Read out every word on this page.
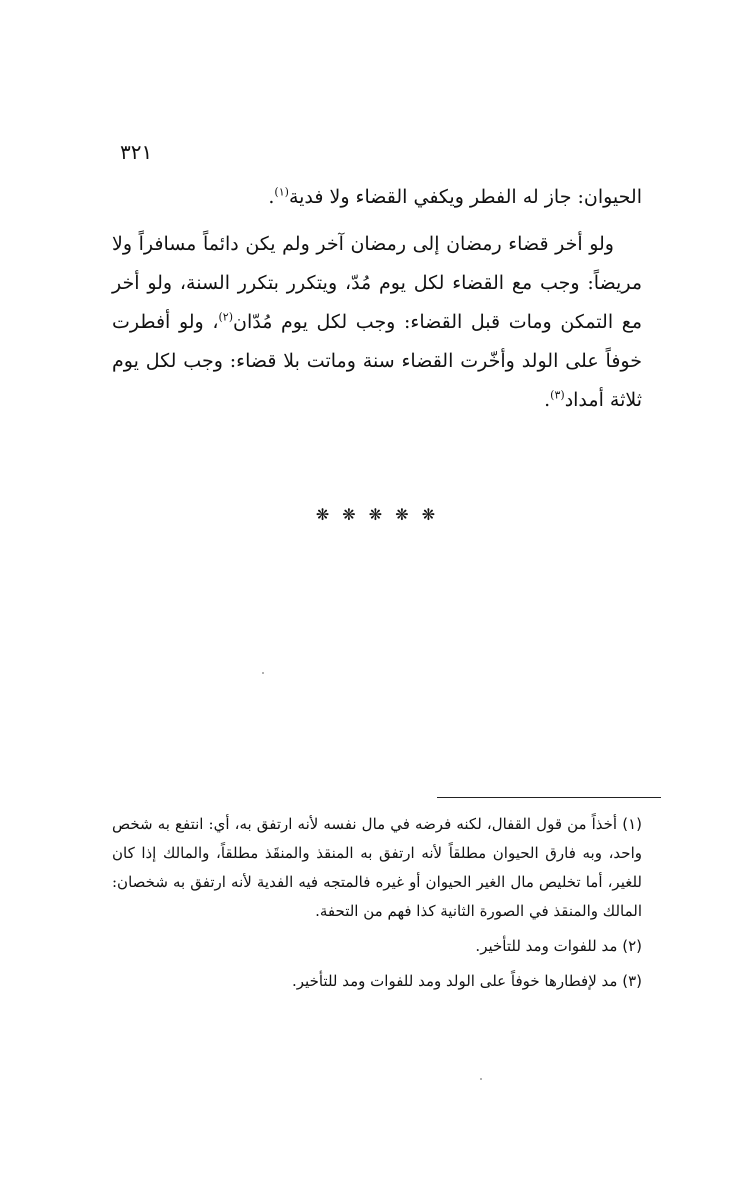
٣٢١

الحيوان: جاز له الفطر ويكفي القضاء ولا فدية$^{(١)}$.

ولو أخر قضاء رمضان إلى رمضان آخر ولم يكن دائماً مسافراً ولا مريضاً: وجب مع القضاء لكل يوم مُدّ، ويتكرر بتكرر السنة، ولو أخر مع التمكن ومات قبل القضاء: وجب لكل يوم مُدّان$^{(٢)}$، ولو أفطرت خوفاً على الولد وأخّرت القضاء سنة وماتت بلا قضاء: وجب لكل يوم ثلاثة أمداد$^{(٣)}$.

❋ ❋ ❋ ❋ ❋

(١) أخذاً من قول القفال، لكنه فرضه في مال نفسه لأنه ارتفق به، أي: انتفع به شخص واحد، وبه فارق الحيوان مطلقاً لأنه ارتفق به المنقذ والمنقَذ مطلقاً، والمالك إذا كان للغير، أما تخليص مال الغير الحيوان أو غيره فالمتجه فيه الفدية لأنه ارتفق به شخصان: المالك والمنقذ في الصورة الثانية كذا فهم من التحفة.

(٢) مد للفوات ومد للتأخير.

(٣) مد لإفطارها خوفاً على الولد ومد للفوات ومد للتأخير.
